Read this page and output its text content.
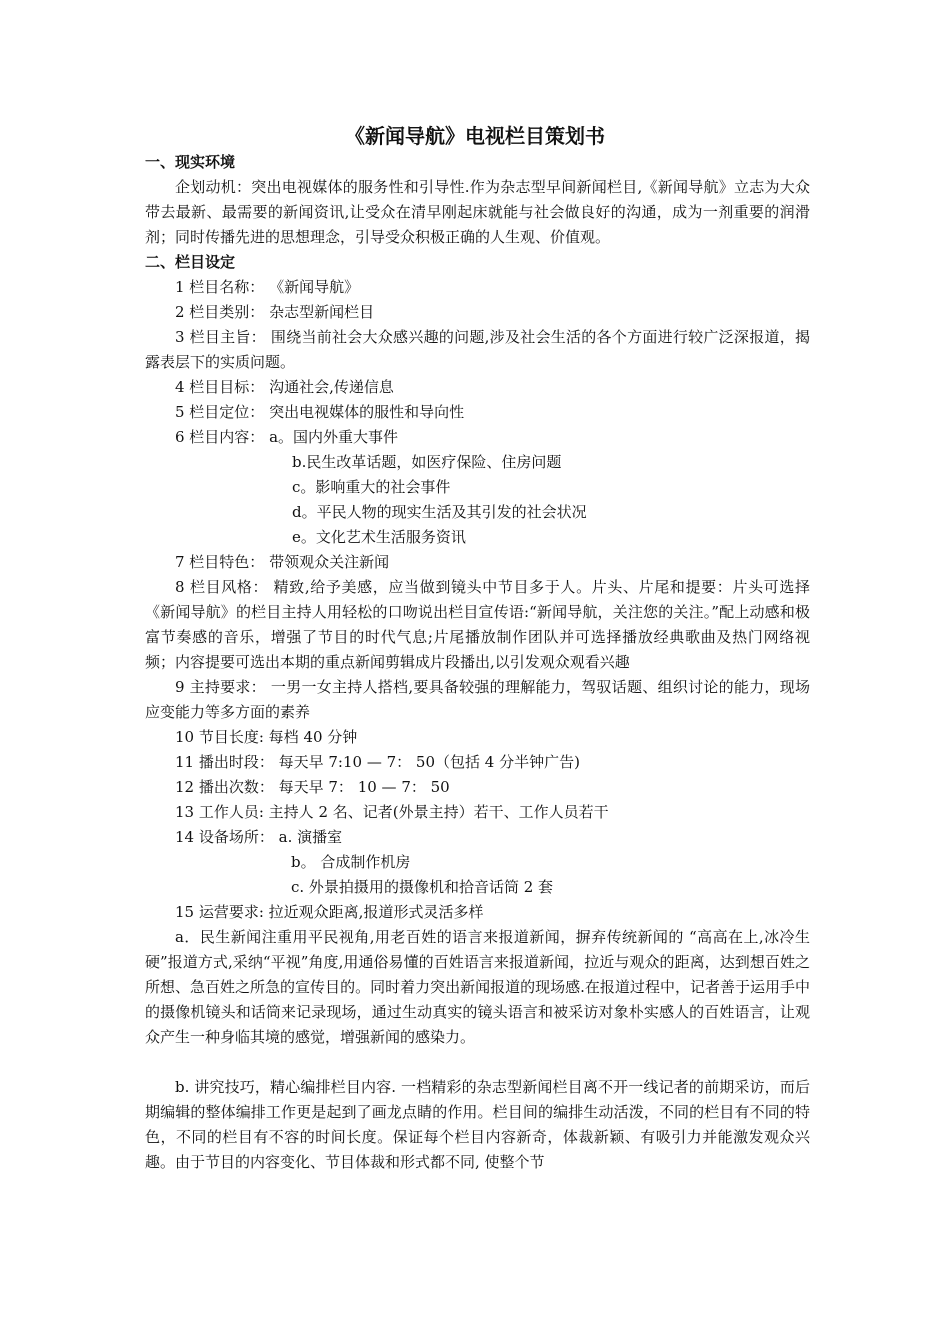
《新闻导航》电视栏目策划书
一、现实环境
企划动机：突出电视媒体的服务性和引导性.作为杂志型早间新闻栏目,《新闻导航》立志为大众带去最新、最需要的新闻资讯,让受众在清早刚起床就能与社会做良好的沟通，成为一剂重要的润滑剂；同时传播先进的思想理念，引导受众积极正确的人生观、价值观。
二、栏目设定
1 栏目名称： 《新闻导航》
2 栏目类别： 杂志型新闻栏目
3 栏目主旨： 围绕当前社会大众感兴趣的问题,涉及社会生活的各个方面进行较广泛深报道，揭露表层下的实质问题。
4 栏目目标： 沟通社会,传递信息
5 栏目定位： 突出电视媒体的服性和导向性
6 栏目内容： a。国内外重大事件
b.民生改革话题，如医疗保险、住房问题
c。影响重大的社会事件
d。平民人物的现实生活及其引发的社会状况
e。文化艺术生活服务资讯
7 栏目特色： 带领观众关注新闻
8 栏目风格： 精致,给予美感，应当做到镜头中节目多于人。片头、片尾和提要：片头可选择《新闻导航》的栏目主持人用轻松的口吻说出栏目宣传语:“新闻导航，关注您的关注。”配上动感和极富节奏感的音乐，增强了节目的时代气息;片尾播放制作团队并可选择播放经典歌曲及热门网络视频；内容提要可选出本期的重点新闻剪辑成片段播出,以引发观众观看兴趣
9 主持要求： 一男一女主持人搭档,要具备较强的理解能力，驾驭话题、组织讨论的能力，现场应变能力等多方面的素养
10 节目长度: 每档 40 分钟
11 播出时段： 每天早 7:10 — 7： 50（包括 4 分半钟广告)
12 播出次数： 每天早 7： 10 — 7： 50
13 工作人员: 主持人 2 名、记者(外景主持）若干、工作人员若干
14 设备场所： a. 演播室
b。 合成制作机房
c. 外景拍摄用的摄像机和拾音话筒 2 套
15 运营要求: 拉近观众距离,报道形式灵活多样
a．民生新闻注重用平民视角,用老百姓的语言来报道新闻，摒弃传统新闻的 “高高在上,冰冷生硬”报道方式,采纳“平视”角度,用通俗易懂的百姓语言来报道新闻，拉近与观众的距离，达到想百姓之所想、急百姓之所急的宣传目的。同时着力突出新闻报道的现场感.在报道过程中，记者善于运用手中的摄像机镜头和话筒来记录现场，通过生动真实的镜头语言和被采访对象朴实感人的百姓语言，让观众产生一种身临其境的感觉，增强新闻的感染力。
b. 讲究技巧，精心编排栏目内容. 一档精彩的杂志型新闻栏目离不开一线记者的前期采访，而后期编辑的整体编排工作更是起到了画龙点睛的作用。栏目间的编排生动活泼，不同的栏目有不同的特色，不同的栏目有不容的时间长度。保证每个栏目内容新奇，体裁新颖、有吸引力并能激发观众兴趣。由于节目的内容变化、节目体裁和形式都不同, 使整个节
